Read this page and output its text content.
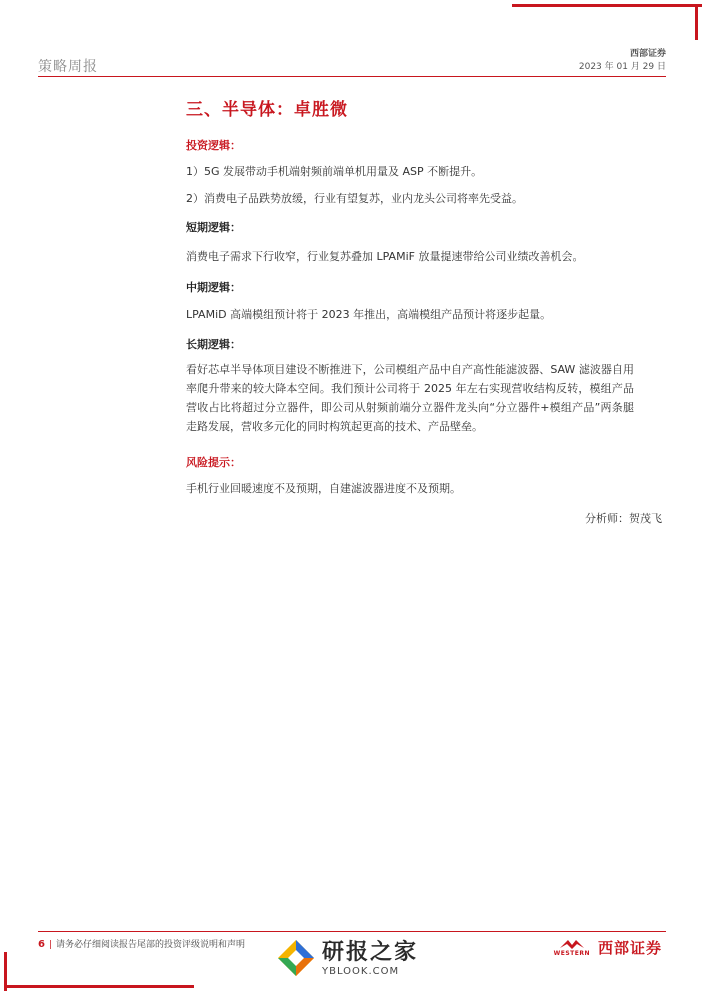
策略周报
西部证券
2023 年 01 月 29 日
三、半导体：卓胜微
投资逻辑：
1）5G 发展带动手机端射频前端单机用量及 ASP 不断提升。
2）消费电子品跌势放缓，行业有望复苏，业内龙头公司将率先受益。
短期逻辑：
消费电子需求下行收窄，行业复苏叠加 LPAMiF 放量提速带给公司业绩改善机会。
中期逻辑：
LPAMiD 高端模组预计将于 2023 年推出，高端模组产品预计将逐步起量。
长期逻辑：
看好芯卓半导体项目建设不断推进下，公司模组产品中自产高性能滤波器、SAW 滤波器自用率爬升带来的较大降本空间。我们预计公司将于 2025 年左右实现营收结构反转，模组产品营收占比将超过分立器件，即公司从射频前端分立器件龙头向“分立器件+模组产品”两条腿走路发展，营收多元化的同时构筑起更高的技术、产品壁垒。
风险提示：
手机行业回暖速度不及预期，自建滤波器进度不及预期。
分析师：贺茂飞
6 | 请务必仔细阅读报告尾部的投资评级说明和声明	研报之家
YBLOOK.COM
WESTERN 西部证券
